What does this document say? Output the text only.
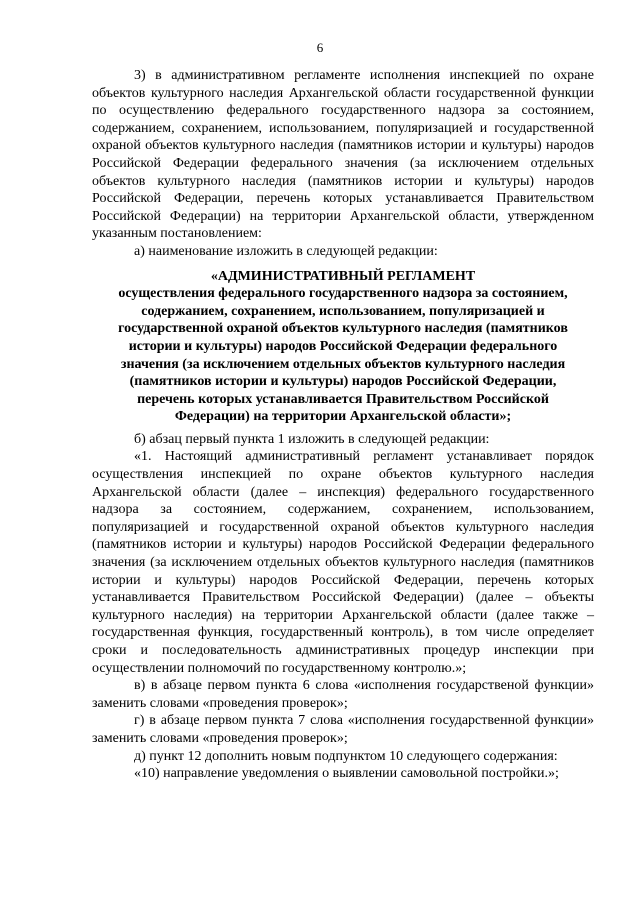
6

3) в административном регламенте исполнения инспекцией по охране объектов культурного наследия Архангельской области государственной функции по осуществлению федерального государственного надзора за состоянием, содержанием, сохранением, использованием, популяризацией и государственной охраной объектов культурного наследия (памятников истории и культуры) народов Российской Федерации федерального значения (за исключением отдельных объектов культурного наследия (памятников истории и культуры) народов Российской Федерации, перечень которых устанавливается Правительством Российской Федерации) на территории Архангельской области, утвержденном указанным постановлением:

а) наименование изложить в следующей редакции:

«АДМИНИСТРАТИВНЫЙ РЕГЛАМЕНТ
осуществления федерального государственного надзора за состоянием, содержанием, сохранением, использованием, популяризацией и государственной охраной объектов культурного наследия (памятников истории и культуры) народов Российской Федерации федерального значения (за исключением отдельных объектов культурного наследия (памятников истории и культуры) народов Российской Федерации, перечень которых устанавливается Правительством Российской Федерации) на территории Архангельской области»;

б) абзац первый пункта 1 изложить в следующей редакции:

«1. Настоящий административный регламент устанавливает порядок осуществления инспекцией по охране объектов культурного наследия Архангельской области (далее – инспекция) федерального государственного надзора за состоянием, содержанием, сохранением, использованием, популяризацией и государственной охраной объектов культурного наследия (памятников истории и культуры) народов Российской Федерации федерального значения (за исключением отдельных объектов культурного наследия (памятников истории и культуры) народов Российской Федерации, перечень которых устанавливается Правительством Российской Федерации) (далее – объекты культурного наследия) на территории Архангельской области (далее также – государственная функция, государственный контроль), в том числе определяет сроки и последовательность административных процедур инспекции при осуществлении полномочий по государственному контролю.»;

в) в абзаце первом пункта 6 слова «исполнения государственой функции» заменить словами «проведения проверок»;

г) в абзаце первом пункта 7 слова «исполнения государственной функции» заменить словами «проведения проверок»;

д) пункт 12 дополнить новым подпунктом 10 следующего содержания:

«10) направление уведомления о выявлении самовольной постройки.»;
